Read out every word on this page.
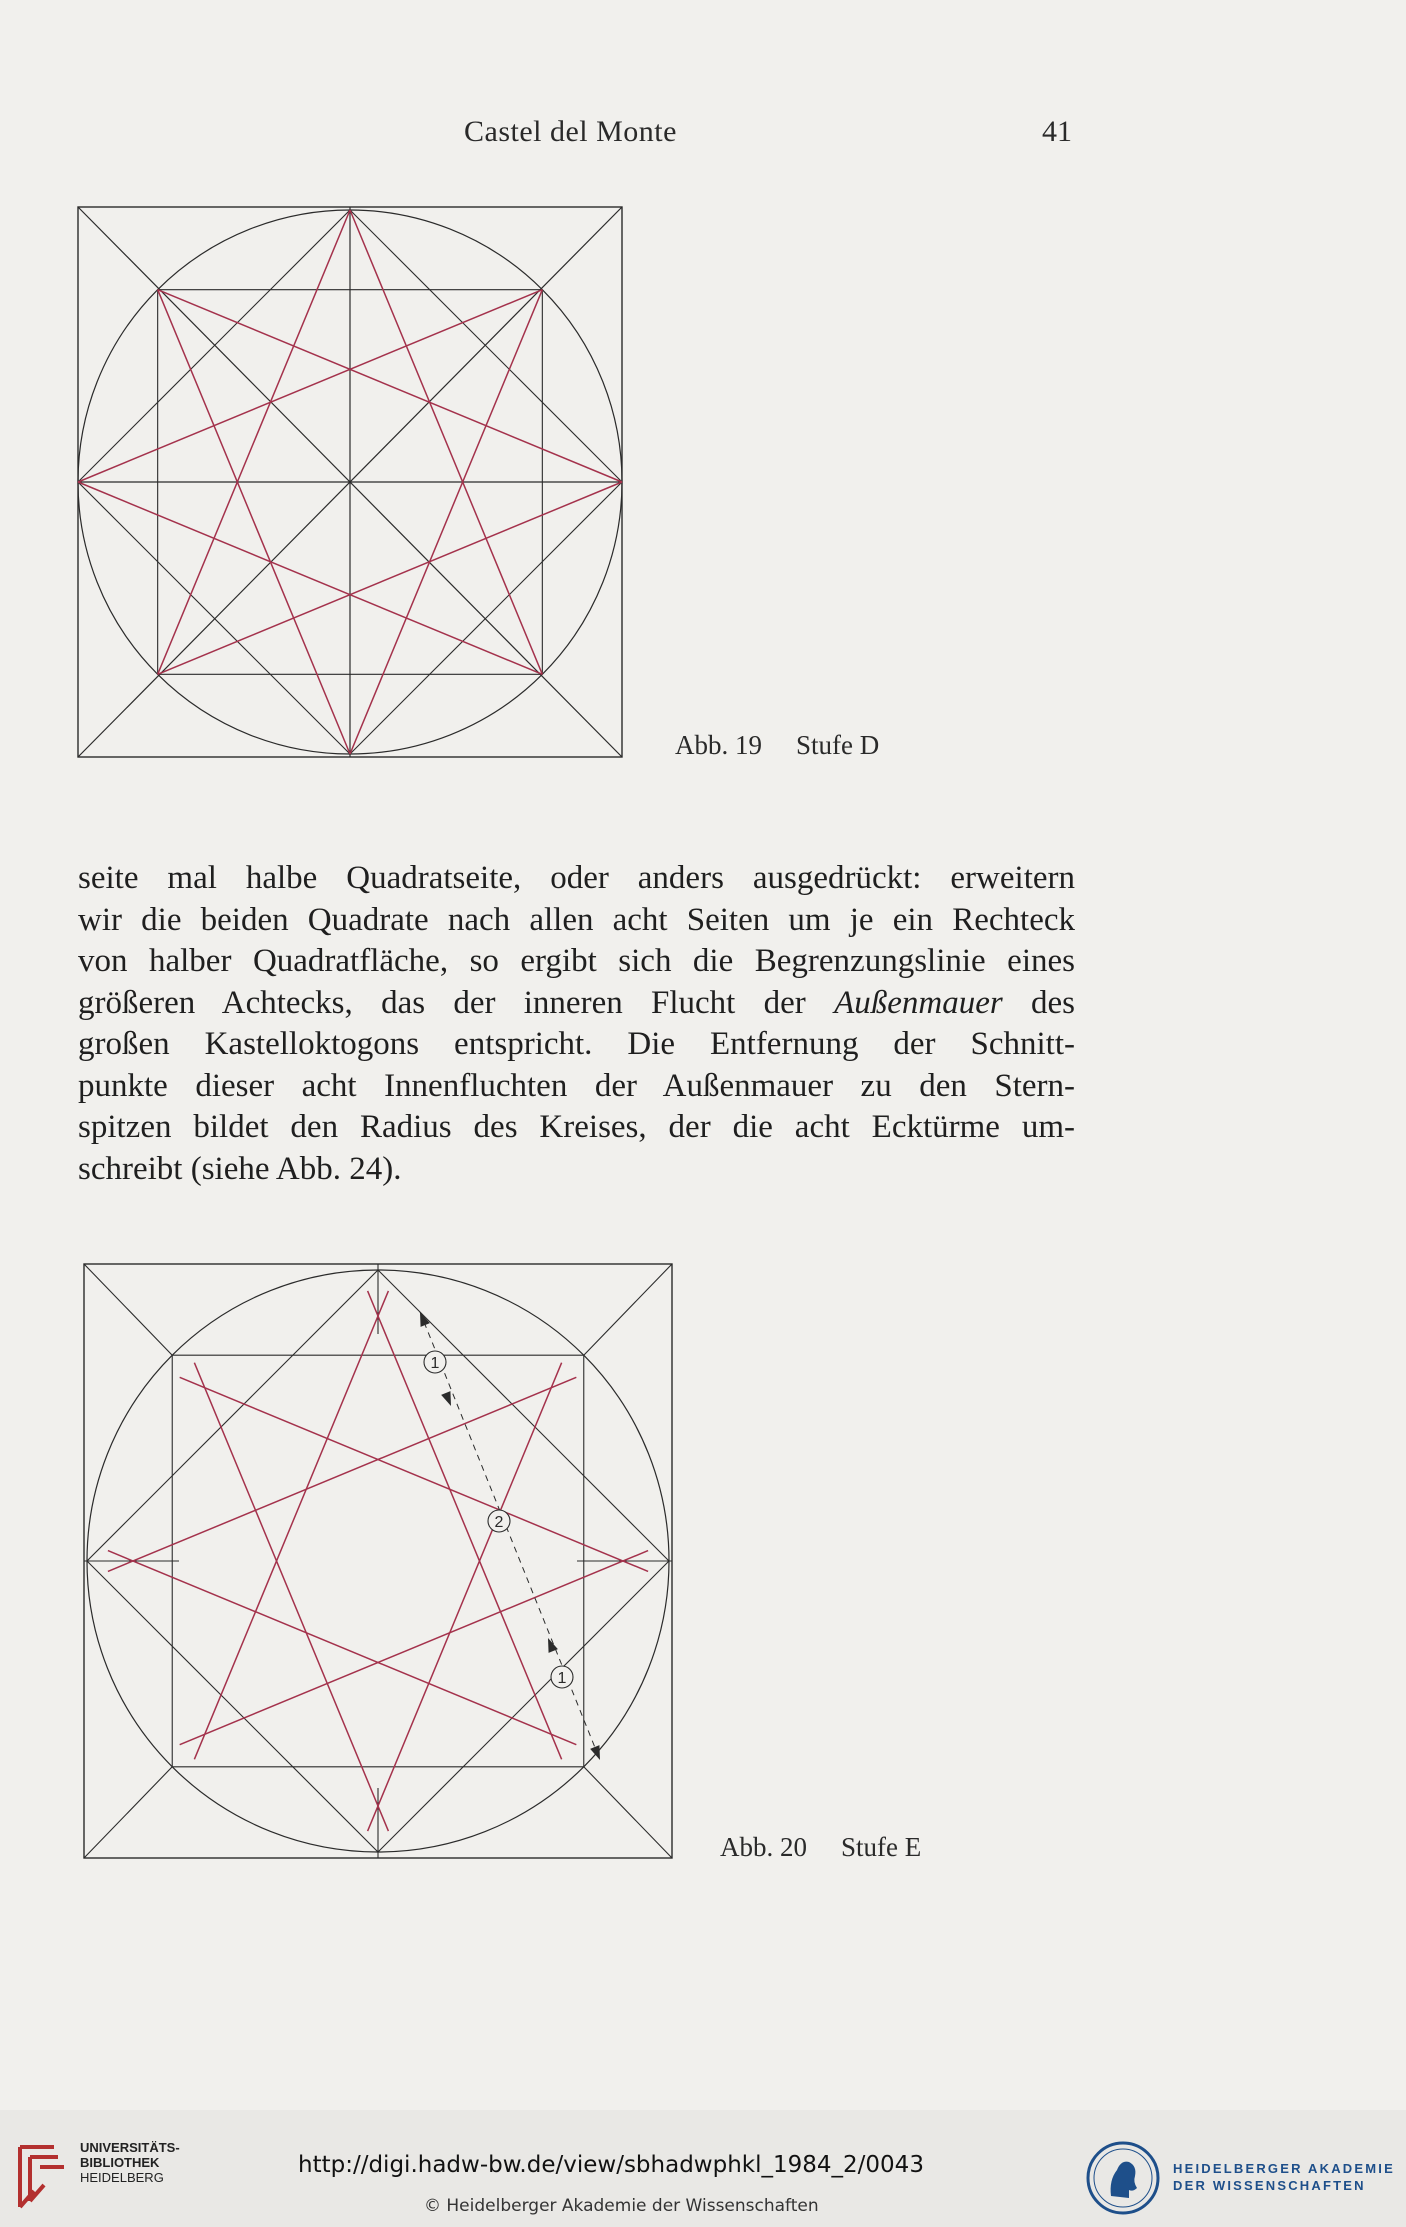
Castel del Monte	41
Abb. 19 Stufe D
seite mal halbe Quadratseite, oder anders ausgedrückt: erweitern
wir die beiden Quadrate nach allen acht Seiten um je ein Rechteck
von halber Quadratfläche, so ergibt sich die Begrenzungslinie eines
größeren Achtecks, das der inneren Flucht der Außenmauer des
großen Kastelloktogons entspricht. Die Entfernung der Schnitt-
punkte dieser acht Innenfluchten der Außenmauer zu den Stern-
spitzen bildet den Radius des Kreises, der die acht Ecktürme um-
schreibt (siehe Abb. 24).
1
2
1
Abb. 20 Stufe E
UNIVERSITÄTS-
BIBLIOTHEK
HEIDELBERG	http://digi.hadw-bw.de/view/sbhadwphkl_1984_2/0043
© Heidelberger Akademie der Wissenschaften
HEIDELBERGER AKADEMIE
DER WISSENSCHAFTEN
